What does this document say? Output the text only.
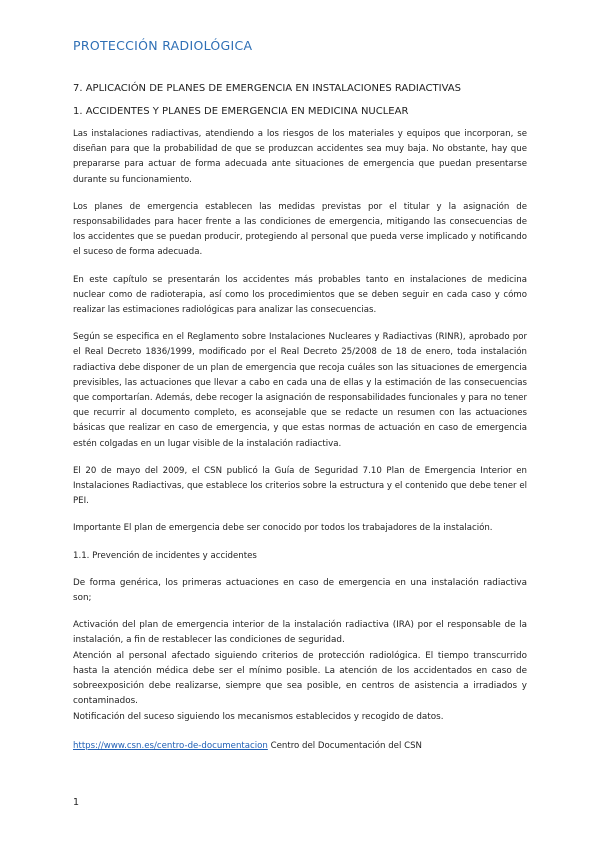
PROTECCIÓN RADIOLÓGICA
7. APLICACIÓN DE PLANES DE EMERGENCIA EN INSTALACIONES RADIACTIVAS
1. ACCIDENTES Y PLANES DE EMERGENCIA EN MEDICINA NUCLEAR

Las instalaciones radiactivas, atendiendo a los riesgos de los materiales y equipos que incorporan, se diseñan para que la probabilidad de que se produzcan accidentes sea muy baja. No obstante, hay que prepararse para actuar de forma adecuada ante situaciones de emergencia que puedan presentarse durante su funcionamiento.

Los planes de emergencia establecen las medidas previstas por el titular y la asignación de responsabilidades para hacer frente a las condiciones de emergencia, mitigando las consecuencias de los accidentes que se puedan producir, protegiendo al personal que pueda verse implicado y notificando el suceso de forma adecuada.

En este capítulo se presentarán los accidentes más probables tanto en instalaciones de medicina nuclear como de radioterapia, así como los procedimientos que se deben seguir en cada caso y cómo realizar las estimaciones radiológicas para analizar las consecuencias.

Según se especifica en el Reglamento sobre Instalaciones Nucleares y Radiactivas (RINR), aprobado por el Real Decreto 1836/1999, modificado por el Real Decreto 25/2008 de 18 de enero, toda instalación radiactiva debe disponer de un plan de emergencia que recoja cuáles son las situaciones de emergencia previsibles, las actuaciones que llevar a cabo en cada una de ellas y la estimación de las consecuencias que comportarían. Además, debe recoger la asignación de responsabilidades funcionales y para no tener que recurrir al documento completo, es aconsejable que se redacte un resumen con las actuaciones básicas que realizar en caso de emergencia, y que estas normas de actuación en caso de emergencia estén colgadas en un lugar visible de la instalación radiactiva.

El 20 de mayo del 2009, el CSN publicó la Guía de Seguridad 7.10 Plan de Emergencia Interior en Instalaciones Radiactivas, que establece los criterios sobre la estructura y el contenido que debe tener el PEI.

Importante El plan de emergencia debe ser conocido por todos los trabajadores de la instalación.

1.1. Prevención de incidentes y accidentes

De forma genérica, los primeras actuaciones en caso de emergencia en una instalación radiactiva son;

Activación del plan de emergencia interior de la instalación radiactiva (IRA) por el responsable de la instalación, a fin de restablecer las condiciones de seguridad.

Atención al personal afectado siguiendo criterios de protección radiológica. El tiempo transcurrido hasta la atención médica debe ser el mínimo posible. La atención de los accidentados en caso de sobreexposición debe realizarse, siempre que sea posible, en centros de asistencia a irradiados y contaminados.

Notificación del suceso siguiendo los mecanismos establecidos y recogido de datos.

https://www.csn.es/centro-de-documentacion Centro del Documentación del CSN
1
